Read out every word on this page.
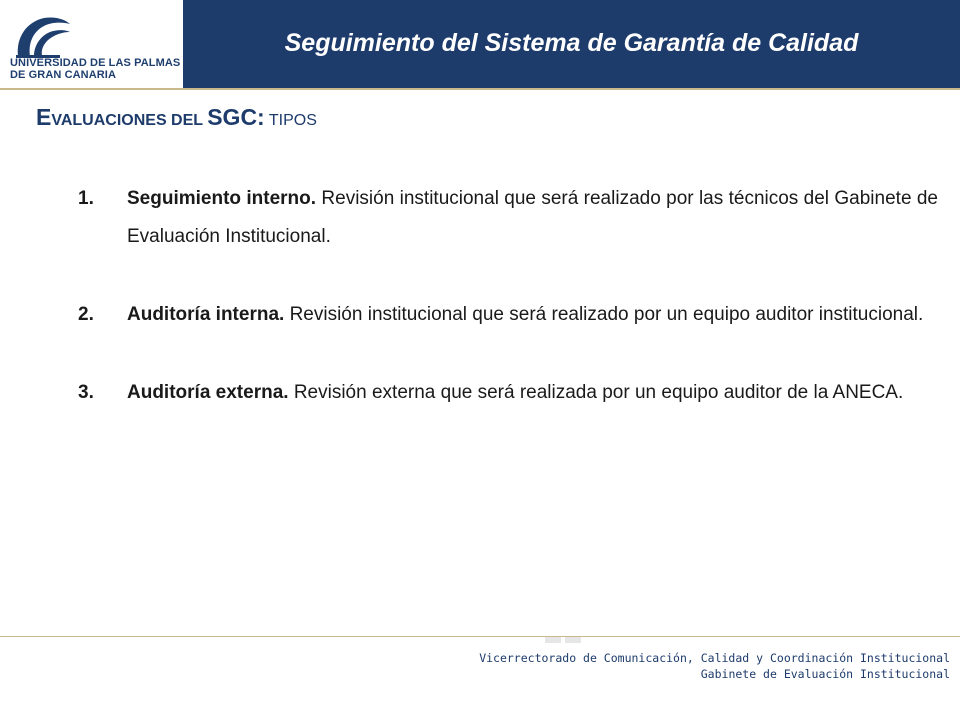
UNIVERSIDAD DE LAS PALMAS
DE GRAN CANARIA
Seguimiento del Sistema de Garantía de Calidad
EVALUACIONES DEL SGC: TIPOS
1.	Seguimiento interno. Revisión institucional que será realizado por las técnicos del Gabinete de Evaluación Institucional.
2.	Auditoría interna. Revisión institucional que será realizado por un equipo auditor institucional.
3.	Auditoría externa. Revisión externa que será realizada por un equipo auditor de la ANECA.
Vicerrectorado de Comunicación, Calidad y Coordinación Institucional
Gabinete de Evaluación Institucional
